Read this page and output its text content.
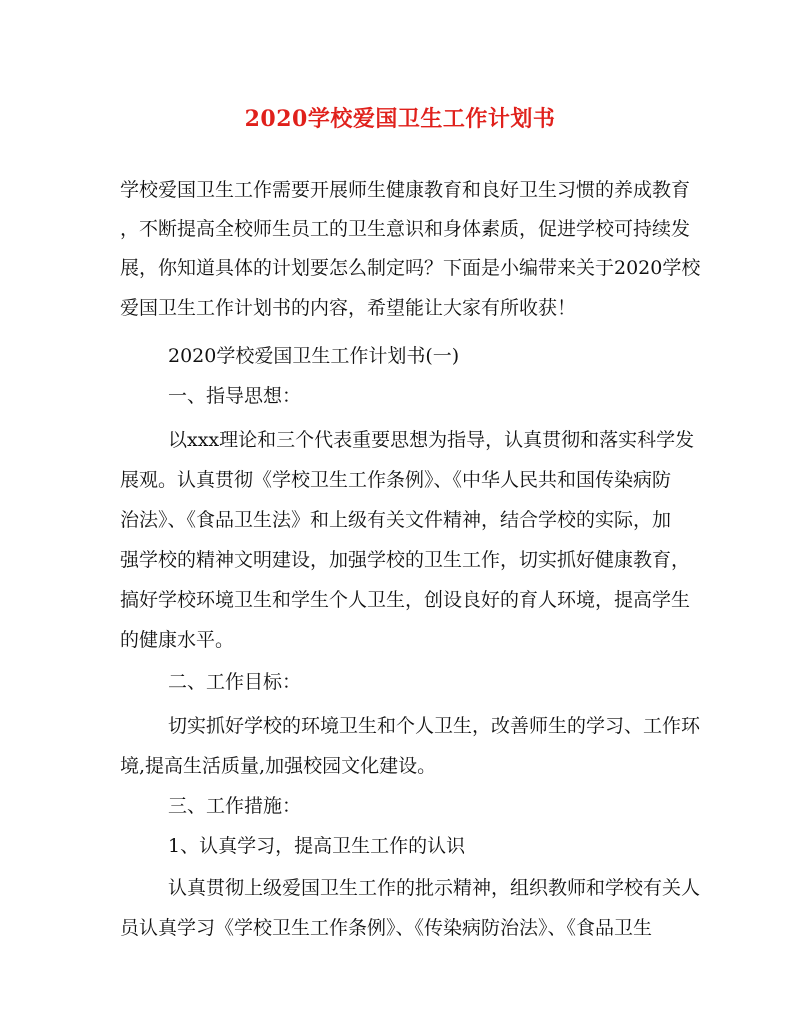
2020学校爱国卫生工作计划书
学校爱国卫生工作需要开展师生健康教育和良好卫生习惯的养成教育
，不断提高全校师生员工的卫生意识和身体素质，促进学校可持续发
展，你知道具体的计划要怎么制定吗？下面是小编带来关于2020学校
爱国卫生工作计划书的内容，希望能让大家有所收获！
2020学校爱国卫生工作计划书(一)
一、指导思想：
以xxx理论和三个代表重要思想为指导，认真贯彻和落实科学发
展观。认真贯彻《学校卫生工作条例》、《中华人民共和国传染病防
治法》、《食品卫生法》和上级有关文件精神，结合学校的实际，加
强学校的精神文明建设，加强学校的卫生工作，切实抓好健康教育，
搞好学校环境卫生和学生个人卫生，创设良好的育人环境，提高学生
的健康水平。
二、工作目标：
切实抓好学校的环境卫生和个人卫生，改善师生的学习、工作环
境,提高生活质量,加强校园文化建设。
三、工作措施：
1、认真学习，提高卫生工作的认识
认真贯彻上级爱国卫生工作的批示精神，组织教师和学校有关人
员认真学习《学校卫生工作条例》、《传染病防治法》、《食品卫生
